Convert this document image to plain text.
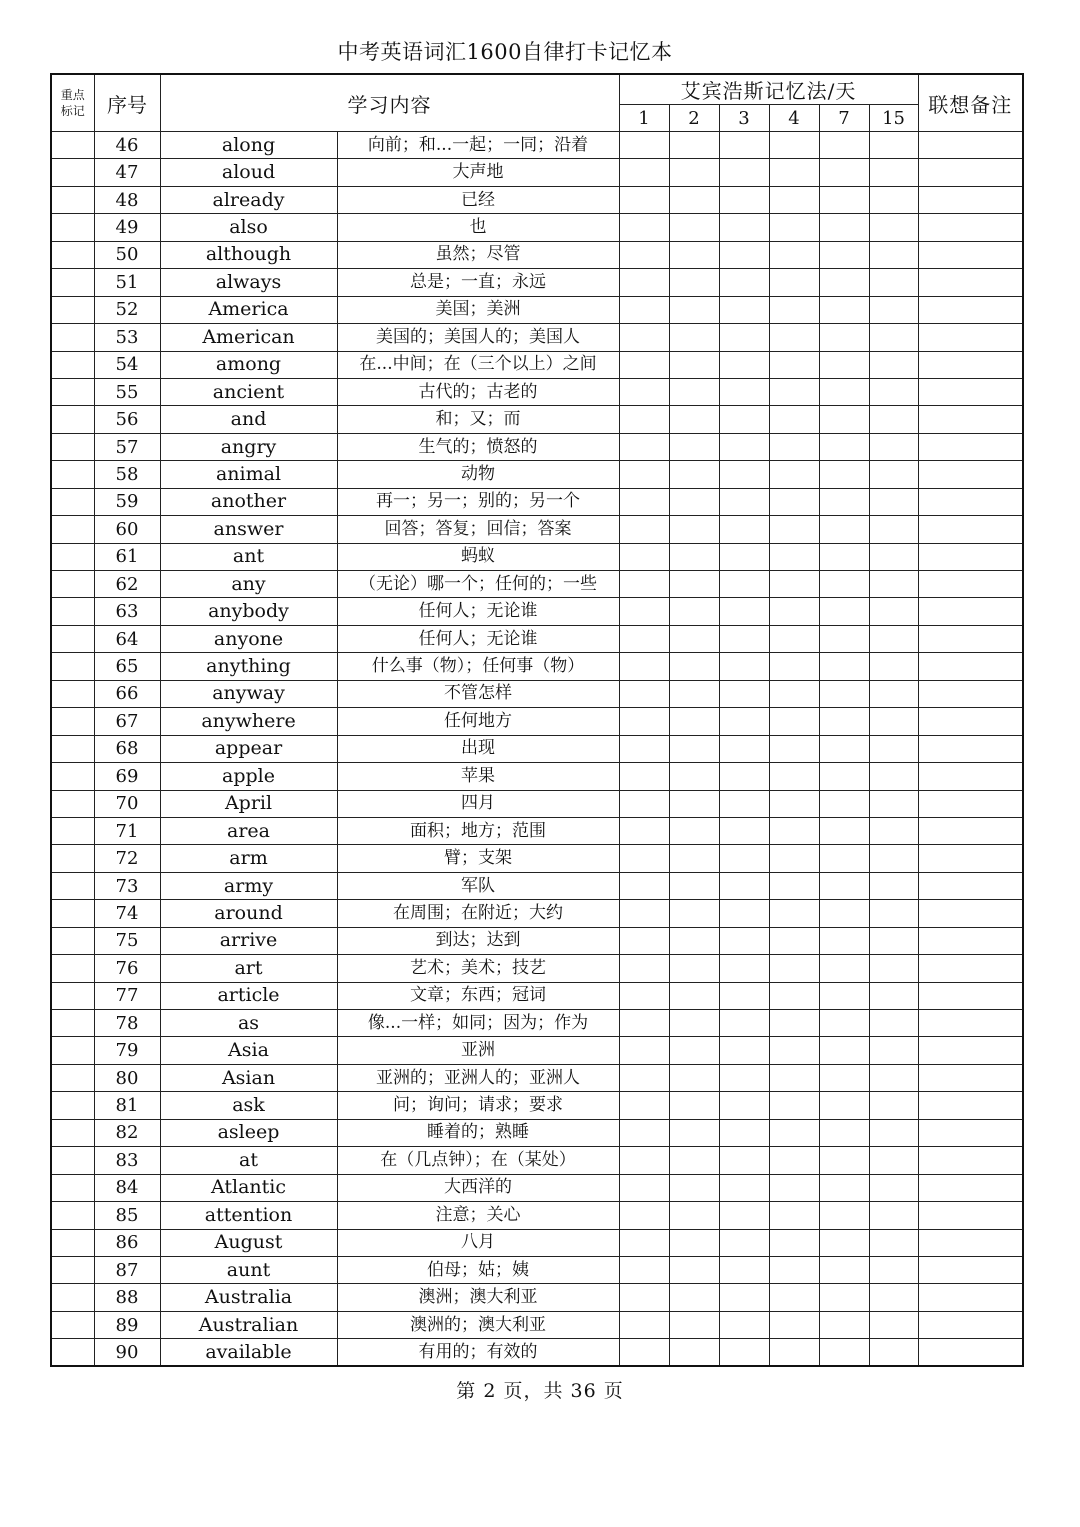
中考英语词汇1600自律打卡记忆本
重点标记	序号	学习内容		艾宾浩斯记忆法/天						联想备注
				1	2	3	4	7	15	
	46	along	向前；和...一起；一同；沿着							
	47	aloud	大声地							
	48	already	已经							
	49	also	也							
	50	although	虽然；尽管							
	51	always	总是；一直；永远							
	52	America	美国；美洲							
	53	American	美国的；美国人的；美国人							
	54	among	在...中间；在（三个以上）之间							
	55	ancient	古代的；古老的							
	56	and	和；又；而							
	57	angry	生气的；愤怒的							
	58	animal	动物							
	59	another	再一；另一；别的；另一个							
	60	answer	回答；答复；回信；答案							
	61	ant	蚂蚁							
	62	any	（无论）哪一个；任何的；一些							
	63	anybody	任何人；无论谁							
	64	anyone	任何人；无论谁							
	65	anything	什么事（物）；任何事（物）							
	66	anyway	不管怎样							
	67	anywhere	任何地方							
	68	appear	出现							
	69	apple	苹果							
	70	April	四月							
	71	area	面积；地方；范围							
	72	arm	臂；支架							
	73	army	军队							
	74	around	在周围；在附近；大约							
	75	arrive	到达；达到							
	76	art	艺术；美术；技艺							
	77	article	文章；东西；冠词							
	78	as	像...一样；如同；因为；作为							
	79	Asia	亚洲							
	80	Asian	亚洲的；亚洲人的；亚洲人							
	81	ask	问；询问；请求；要求							
	82	asleep	睡着的；熟睡							
	83	at	在（几点钟）；在（某处）							
	84	Atlantic	大西洋的							
	85	attention	注意；关心							
	86	August	八月							
	87	aunt	伯母；姑；姨							
	88	Australia	澳洲；澳大利亚							
	89	Australian	澳洲的；澳大利亚							
	90	available	有用的；有效的							
第 2 页，共 36 页
